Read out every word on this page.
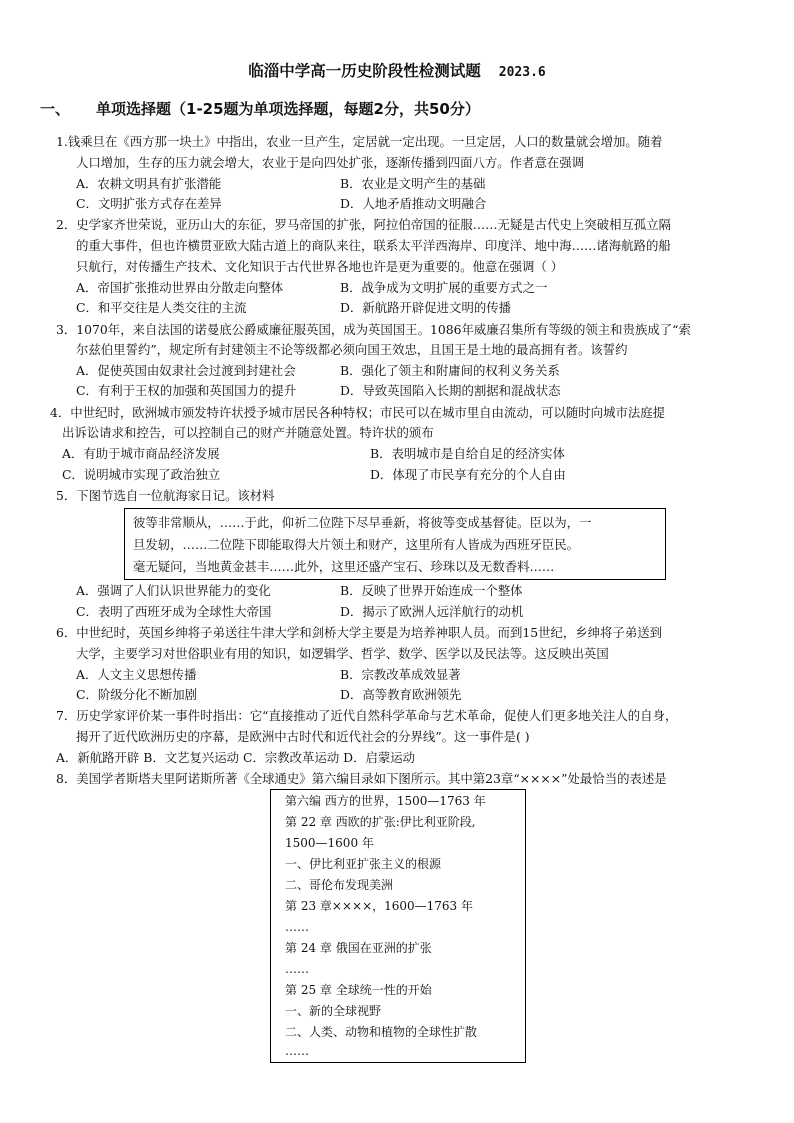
临淄中学高一历史阶段性检测试题 2023.6
一、 单项选择题（1-25题为单项选择题，每题2分，共50分）
1.钱乘旦在《西方那一块土》中指出，农业一旦产生，定居就一定出现。一旦定居，人口的数量就会增加。随着
人口增加，生存的压力就会增大，农业于是向四处扩张，逐渐传播到四面八方。作者意在强调
A．农耕文明具有扩张潜能	B．农业是文明产生的基础
C．文明扩张方式存在差异	D．人地矛盾推动文明融合
2．史学家齐世荣说，亚历山大的东征，罗马帝国的扩张，阿拉伯帝国的征服……无疑是古代史上突破相互孤立隔
的重大事件，但也许横贯亚欧大陆古道上的商队来往，联系太平洋西海岸、印度洋、地中海……诸海航路的船
只航行，对传播生产技术、文化知识于古代世界各地也许是更为重要的。他意在强调（ ）
A．帝国扩张推动世界由分散走向整体	B．战争成为文明扩展的重要方式之一
C．和平交往是人类交往的主流	D．新航路开辟促进文明的传播
3．1070年，来自法国的诺曼底公爵威廉征服英国，成为英国国王。1086年威廉召集所有等级的领主和贵族成了“索
尔兹伯里誓约”，规定所有封建领主不论等级都必须向国王效忠，且国王是土地的最高拥有者。该誓约
A．促使英国由奴隶社会过渡到封建社会	B．强化了领主和附庸间的权利义务关系
C．有利于王权的加强和英国国力的提升	D．导致英国陷入长期的割据和混战状态
4．中世纪时，欧洲城市颁发特许状授予城市居民各种特权；市民可以在城市里自由流动，可以随时向城市法庭提
出诉讼请求和控告，可以控制自己的财产并随意处置。特许状的颁布
A．有助于城市商品经济发展	B．表明城市是自给自足的经济实体
C．说明城市实现了政治独立	D．体现了市民享有充分的个人自由
5．下图节选自一位航海家日记。该材料
彼等非常顺从，……于此，仰祈二位陛下尽早垂新，将彼等变成基督徒。臣以为，一
旦发轫，……二位陛下即能取得大片领土和财产，这里所有人皆成为西班牙臣民。
毫无疑问，当地黄金甚丰……此外，这里还盛产宝石、珍珠以及无数香料……
A．强调了人们认识世界能力的变化	B．反映了世界开始连成一个整体
C．表明了西班牙成为全球性大帝国	D．揭示了欧洲人远洋航行的动机
6．中世纪时，英国乡绅将子弟送往牛津大学和剑桥大学主要是为培养神职人员。而到15世纪，乡绅将子弟送到
大学，主要学习对世俗职业有用的知识，如逻辑学、哲学、数学、医学以及民法等。这反映出英国
A．人文主义思想传播	B．宗教改革成效显著
C．阶级分化不断加剧	D．高等教育欧洲领先
7．历史学家评价某一事件时指出：它“直接推动了近代自然科学革命与艺术革命，促使人们更多地关注人的自身，
揭开了近代欧洲历史的序幕，是欧洲中古时代和近代社会的分界线”。这一事件是( )
A．新航路开辟 B．文艺复兴运动 C．宗教改革运动 D．启蒙运动
8．美国学者斯塔夫里阿诺斯所著《全球通史》第六编目录如下图所示。其中第23章“××××”处最恰当的表述是
第六编 西方的世界，1500—1763 年
第 22 章 西欧的扩张:伊比利亚阶段,
1500—1600 年
一、伊比利亚扩张主义的根源
二、哥伦布发现美洲
第 23 章××××，1600—1763 年
……
第 24 章 俄国在亚洲的扩张
……
第 25 章 全球统一性的开始
一、新的全球视野
二、人类、动物和植物的全球性扩散
……
